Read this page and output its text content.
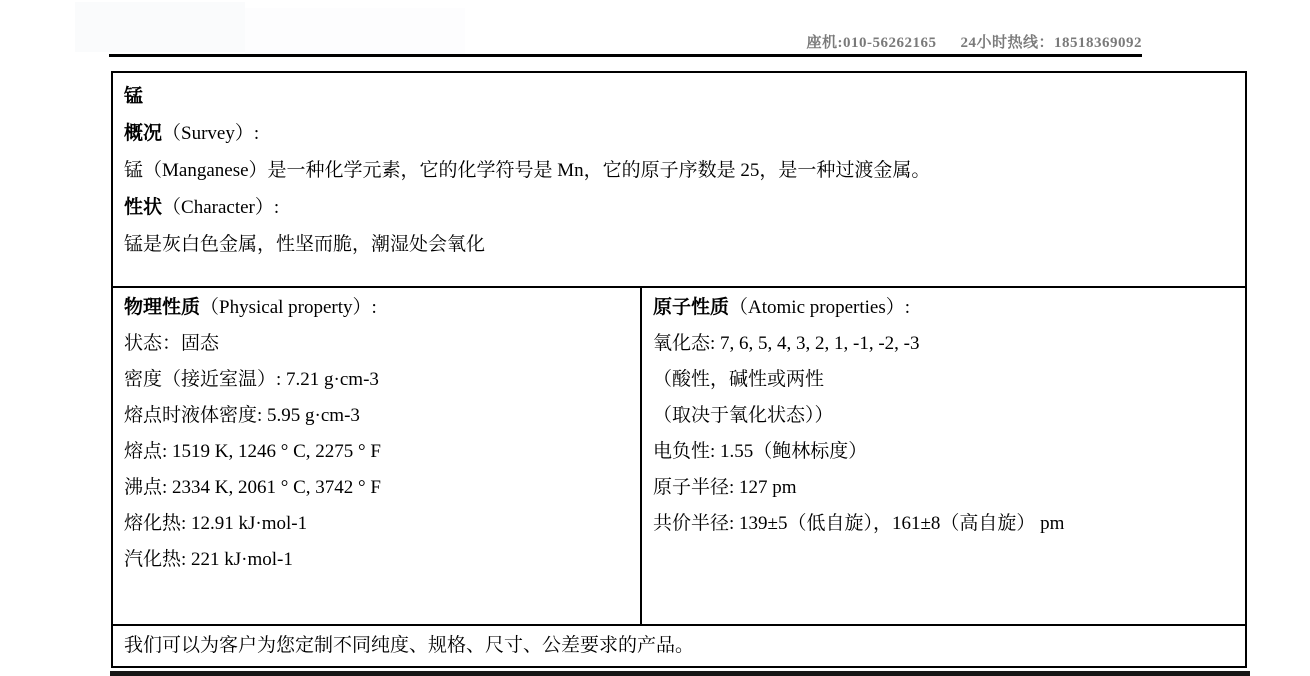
座机:010-56262165 24小时热线：18518369092
锰
概况（Survey）:
锰（Manganese）是一种化学元素，它的化学符号是 Mn，它的原子序数是 25，是一种过渡金属。
性状（Character）:
锰是灰白色金属，性坚而脆，潮湿处会氧化
物理性质（Physical property）:
状态：固态
密度（接近室温）: 7.21 g·cm-3
熔点时液体密度: 5.95 g·cm-3
熔点: 1519 K, 1246 ° C, 2275 ° F
沸点: 2334 K, 2061 ° C, 3742 ° F
熔化热: 12.91 kJ·mol-1
汽化热: 221 kJ·mol-1
原子性质（Atomic properties）:
氧化态: 7, 6, 5, 4, 3, 2, 1, -1, -2, -3
（酸性，碱性或两性
（取决于氧化状态））
电负性: 1.55（鲍林标度）
原子半径: 127 pm
共价半径: 139±5（低自旋），161±8（高自旋） pm
我们可以为客户为您定制不同纯度、规格、尺寸、公差要求的产品。
